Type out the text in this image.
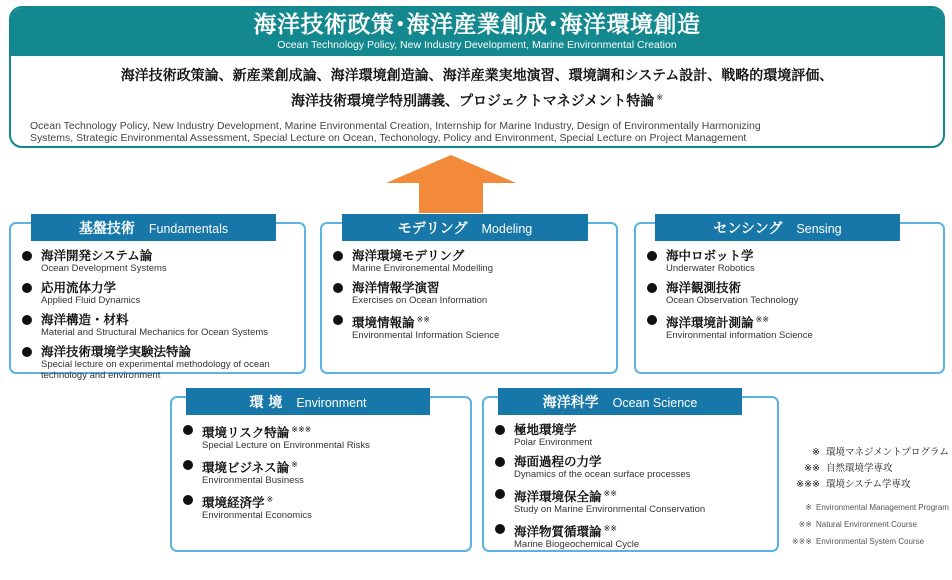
海洋技術政策･海洋産業創成･海洋環境創造
Ocean Technology Policy, New Industry Development, Marine Environmental Creation
海洋技術政策論、新産業創成論、海洋環境創造論、海洋産業実地演習、環境調和システム設計、戦略的環境評価、
海洋技術環境学特別講義、プロジェクトマネジメント特論 ※
Ocean Technology Policy, New Industry Development, Marine Environmental Creation, Internship for Marine Industry, Design of Environmentally Harmonizing
Systems, Strategic Environmental Assessment, Special Lecture on Ocean, Techonology, Policy and Environment, Special Lecture on Project Management
基盤技術 Fundamentals
海洋開発システム論
Ocean Development Systems
応用流体力学
Applied Fluid Dynamics
海洋構造・材料
Material and Structural Mechanics for Ocean Systems
海洋技術環境学実験法特論
Special lecture on experimental methodology of ocean technology and environment
モデリング Modeling
海洋環境モデリング
Marine Environemental Modelling
海洋情報学演習
Exercises on Ocean Information
環境情報論 ※※
Environmental Information Science
センシング Sensing
海中ロボット学
Underwater Robotics
海洋観測技術
Ocean Observation Technology
海洋環境計測論 ※※
Environmental information Science
環 境 Environment
環境リスク特論 ※※※
Special Lecture on Environmental Risks
環境ビジネス論 ※
Environmental Business
環境経済学 ※
Environmental Economics
海洋科学 Ocean Science
極地環境学
Polar Environment
海面過程の力学
Dynamics of the ocean surface processes
海洋環境保全論 ※※
Study on Marine Environmental Conservation
海洋物質循環論 ※※
Marine Biogeochemical Cycle
※ 環境マネジメントプログラム
※※ 自然環境学専攻
※※※ 環境システム学専攻
※ Environmental Management Program
※※ Natural Environment Course
※※※ Environmental System Course
